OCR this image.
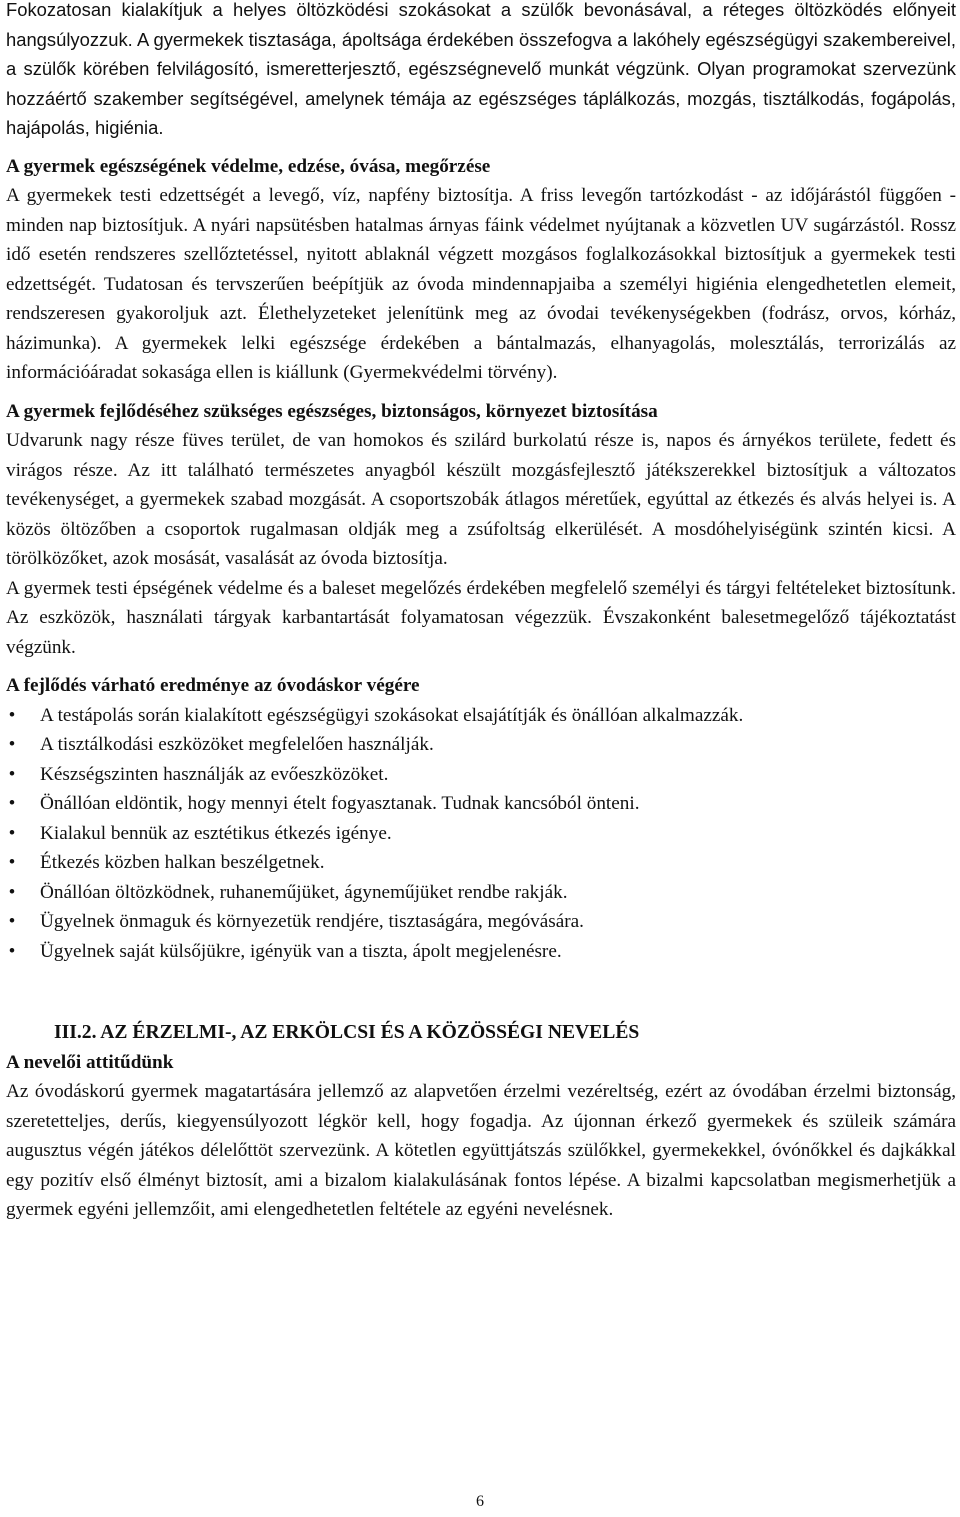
Fokozatosan kialakítjuk a helyes öltözködési szokásokat a szülők bevonásával, a réteges öltözködés előnyeit hangsúlyozzuk. A gyermekek tisztasága, ápoltsága érdekében összefogva a lakóhely egészségügyi szakembereivel, a szülők körében felvilágosító, ismeretterjesztő, egészségnevelő munkát végzünk. Olyan programokat szervezünk hozzáértő szakember segítségével, amelynek témája az egészséges táplálkozás, mozgás, tisztálkodás, fogápolás, hajápolás, higiénia.

A gyermek egészségének védelme, edzése, óvása, megőrzése

A gyermekek testi edzettségét a levegő, víz, napfény biztosítja. A friss levegőn tartózkodást - az időjárástól függően - minden nap biztosítjuk. A nyári napsütésben hatalmas árnyas fáink védelmet nyújtanak a közvetlen UV sugárzástól. Rossz idő esetén rendszeres szellőztetéssel, nyitott ablaknál végzett mozgásos foglalkozásokkal biztosítjuk a gyermekek testi edzettségét. Tudatosan és tervszerűen beépítjük az óvoda mindennapjaiba a személyi higiénia elengedhetetlen elemeit, rendszeresen gyakoroljuk azt. Élethelyzeteket jelenítünk meg az óvodai tevékenységekben (fodrász, orvos, kórház, házimunka). A gyermekek lelki egészsége érdekében a bántalmazás, elhanyagolás, molesztálás, terrorizálás az információáradat sokasága ellen is kiállunk (Gyermekvédelmi törvény).

A gyermek fejlődéséhez szükséges egészséges, biztonságos, környezet biztosítása

Udvarunk nagy része füves terület, de van homokos és szilárd burkolatú része is, napos és árnyékos területe, fedett és virágos része. Az itt található természetes anyagból készült mozgásfejlesztő játékszerekkel biztosítjuk a változatos tevékenységet, a gyermekek szabad mozgását. A csoportszobák átlagos méretűek, egyúttal az étkezés és alvás helyei is. A közös öltözőben a csoportok rugalmasan oldják meg a zsúfoltság elkerülését. A mosdóhelyiségünk szintén kicsi. A törölközőket, azok mosását, vasalását az óvoda biztosítja.

A gyermek testi épségének védelme és a baleset megelőzés érdekében megfelelő személyi és tárgyi feltételeket biztosítunk. Az eszközök, használati tárgyak karbantartását folyamatosan végezzük. Évszakonként balesetmegelőző tájékoztatást végzünk.

A fejlődés várható eredménye az óvodáskor végére
• A testápolás során kialakított egészségügyi szokásokat elsajátítják és önállóan alkalmazzák.
• A tisztálkodási eszközöket megfelelően használják.
• Készségszinten használják az evőeszközöket.
• Önállóan eldöntik, hogy mennyi ételt fogyasztanak. Tudnak kancsóból önteni.
• Kialakul bennük az esztétikus étkezés igénye.
• Étkezés közben halkan beszélgetnek.
• Önállóan öltözködnek, ruhaneműjüket, ágyneműjüket rendbe rakják.
• Ügyelnek önmaguk és környezetük rendjére, tisztaságára, megóvására.
• Ügyelnek saját külsőjükre, igényük van a tiszta, ápolt megjelenésre.
III.2. AZ ÉRZELMI-, AZ ERKÖLCSI ÉS A KÖZÖSSÉGI NEVELÉS
A nevelői attitűdünk

Az óvodáskorú gyermek magatartására jellemző az alapvetően érzelmi vezéreltség, ezért az óvodában érzelmi biztonság, szeretetteljes, derűs, kiegyensúlyozott légkör kell, hogy fogadja. Az újonnan érkező gyermekek és szüleik számára augusztus végén játékos délelőttöt szervezünk. A kötetlen együttjátszás szülőkkel, gyermekekkel, óvónőkkel és dajkákkal egy pozitív első élményt biztosít, ami a bizalom kialakulásának fontos lépése. A bizalmi kapcsolatban megismerhetjük a gyermek egyéni jellemzőit, ami elengedhetetlen feltétele az egyéni nevelésnek.

6
